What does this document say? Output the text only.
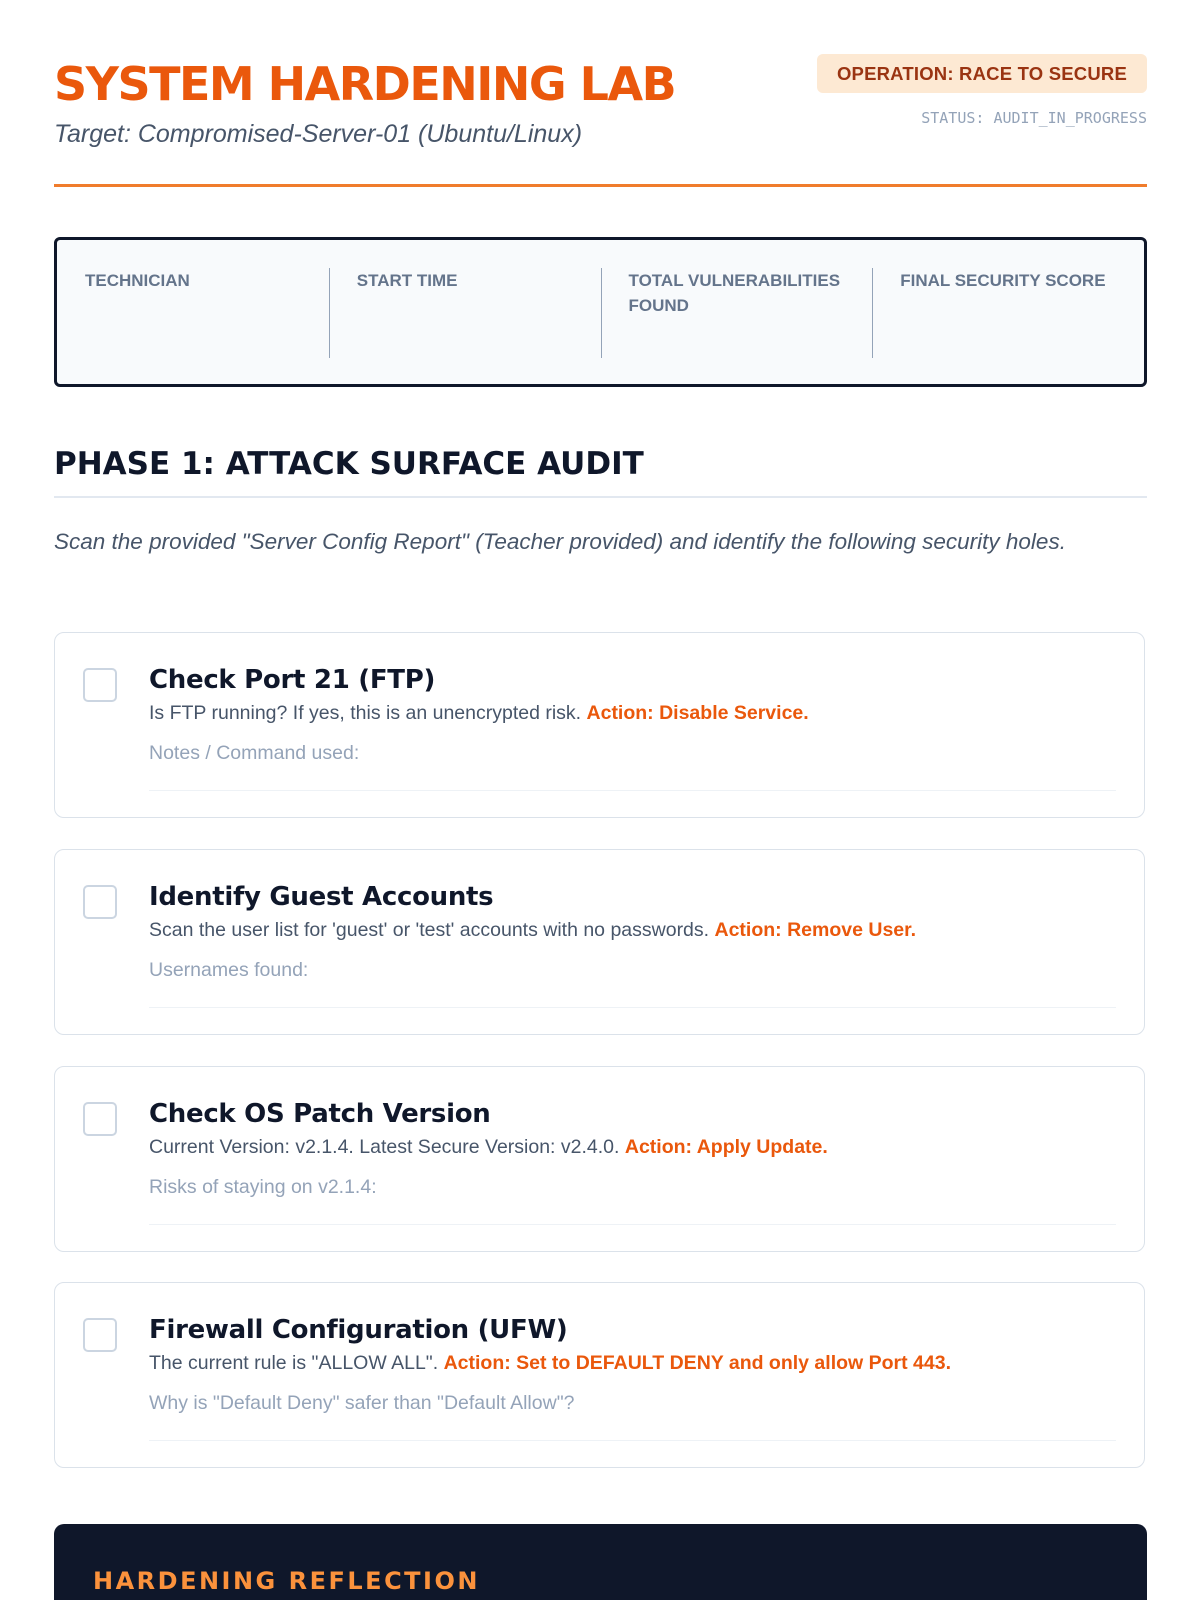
SYSTEM HARDENING LAB
Target: Compromised-Server-01 (Ubuntu/Linux)
OPERATION: RACE TO SECURE
STATUS: AUDIT_IN_PROGRESS
TECHNICIAN	START TIME	TOTAL VULNERABILITIES FOUND
FINAL SECURITY SCORE
PHASE 1: ATTACK SURFACE AUDIT

Scan the provided "Server Config Report" (Teacher provided) and identify the following security holes.

Check Port 21 (FTP)
Is FTP running? If yes, this is an unencrypted risk. Action: Disable Service.
Notes / Command used:
Identify Guest Accounts
Scan the user list for 'guest' or 'test' accounts with no passwords. Action: Remove User.
Usernames found:
Check OS Patch Version
Current Version: v2.1.4. Latest Secure Version: v2.4.0. Action: Apply Update.
Risks of staying on v2.1.4:
Firewall Configuration (UFW)
The current rule is "ALLOW ALL". Action: Set to DEFAULT DENY and only allow Port 443.
Why is "Default Deny" safer than "Default Allow"?
HARDENING REFLECTION
